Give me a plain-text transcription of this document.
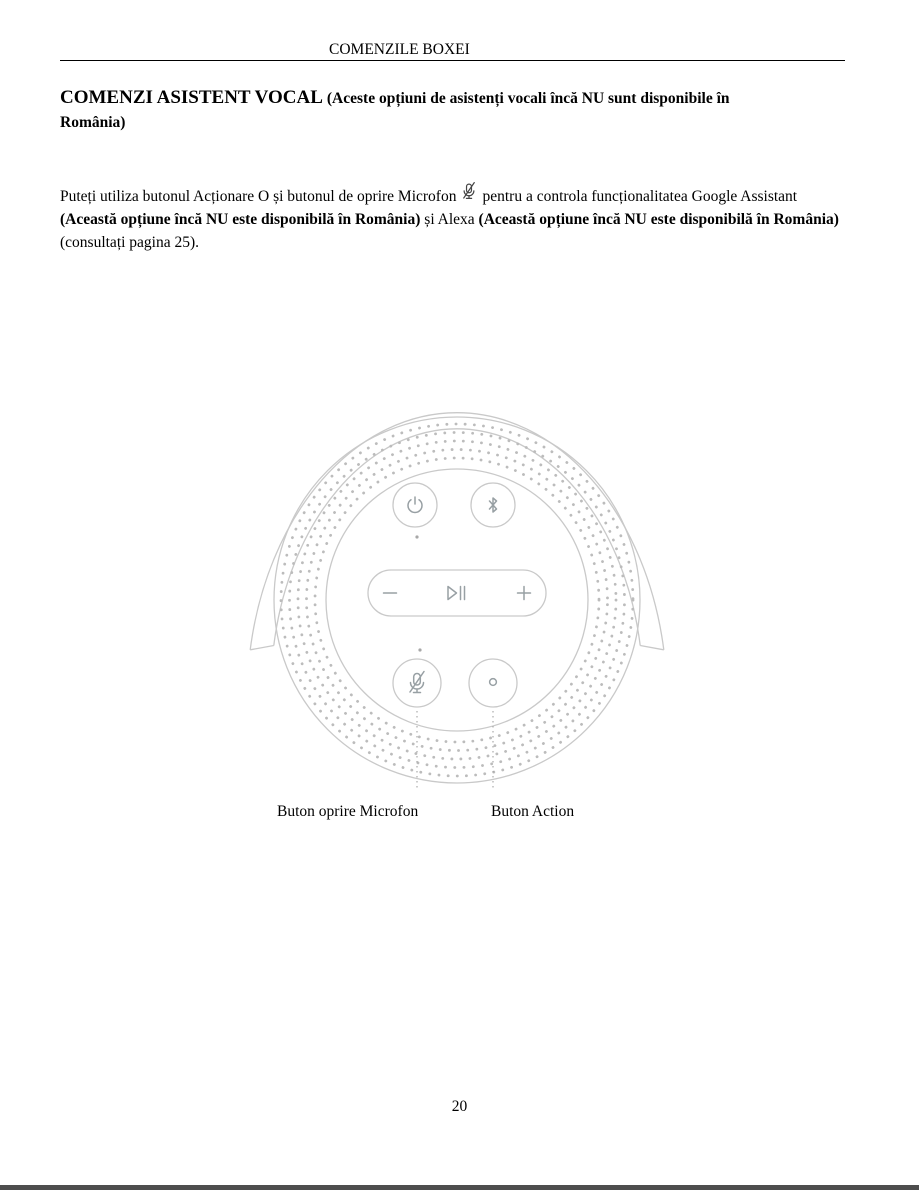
COMENZILE BOXEI
COMENZI ASISTENT VOCAL (Aceste opțiuni de asistenți vocali încă NU sunt disponibile în
România)

Puteți utiliza butonul Acționare O și butonul de oprire Microfon pentru a controla funcționalitatea Google Assistant (Această opțiune încă NU este disponibilă în România) și Alexa (Această opțiune încă NU este disponibilă în România) (consultați pagina 25).

Buton oprire Microfon	Buton Action
20
